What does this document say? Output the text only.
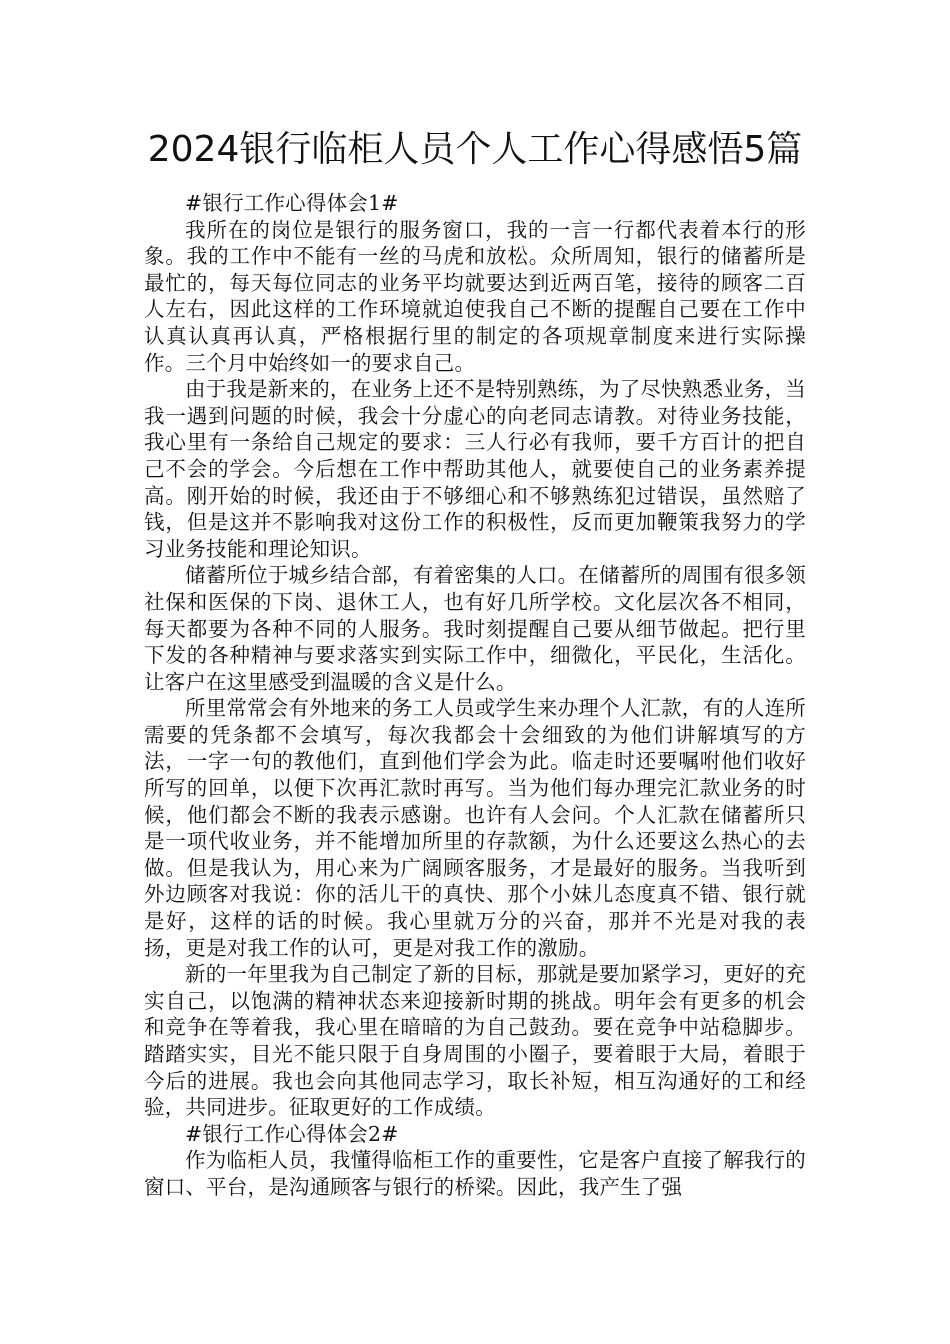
2024银行临柜人员个人工作心得感悟5篇

#银行工作心得体会1#

我所在的岗位是银行的服务窗口，我的一言一行都代表着本行的形象。我的工作中不能有一丝的马虎和放松。众所周知，银行的储蓄所是最忙的，每天每位同志的业务平均就要达到近两百笔，接待的顾客二百人左右，因此这样的工作环境就迫使我自己不断的提醒自己要在工作中认真认真再认真，严格根据行里的制定的各项规章制度来进行实际操作。三个月中始终如一的要求自己。

由于我是新来的，在业务上还不是特别熟练，为了尽快熟悉业务，当我一遇到问题的时候，我会十分虚心的向老同志请教。对待业务技能，我心里有一条给自己规定的要求：三人行必有我师，要千方百计的把自己不会的学会。今后想在工作中帮助其他人，就要使自己的业务素养提高。刚开始的时候，我还由于不够细心和不够熟练犯过错误，虽然赔了钱，但是这并不影响我对这份工作的积极性，反而更加鞭策我努力的学习业务技能和理论知识。

储蓄所位于城乡结合部，有着密集的人口。在储蓄所的周围有很多领社保和医保的下岗、退休工人，也有好几所学校。文化层次各不相同，每天都要为各种不同的人服务。我时刻提醒自己要从细节做起。把行里下发的各种精神与要求落实到实际工作中，细微化，平民化，生活化。让客户在这里感受到温暖的含义是什么。

所里常常会有外地来的务工人员或学生来办理个人汇款，有的人连所需要的凭条都不会填写，每次我都会十会细致的为他们讲解填写的方法，一字一句的教他们，直到他们学会为此。临走时还要嘱咐他们收好所写的回单，以便下次再汇款时再写。当为他们每办理完汇款业务的时候，他们都会不断的我表示感谢。也许有人会问。个人汇款在储蓄所只是一项代收业务，并不能增加所里的存款额，为什么还要这么热心的去做。但是我认为，用心来为广阔顾客服务，才是最好的服务。当我听到外边顾客对我说：你的活儿干的真快、那个小妹儿态度真不错、银行就是好，这样的话的时候。我心里就万分的兴奋，那并不光是对我的表扬，更是对我工作的认可，更是对我工作的激励。

新的一年里我为自己制定了新的目标，那就是要加紧学习，更好的充实自己，以饱满的精神状态来迎接新时期的挑战。明年会有更多的机会和竞争在等着我，我心里在暗暗的为自己鼓劲。要在竞争中站稳脚步。踏踏实实，目光不能只限于自身周围的小圈子，要着眼于大局，着眼于今后的进展。我也会向其他同志学习，取长补短，相互沟通好的工和经验，共同进步。征取更好的工作成绩。

#银行工作心得体会2#

作为临柜人员，我懂得临柜工作的重要性，它是客户直接了解我行的窗口、平台，是沟通顾客与银行的桥梁。因此，我产生了强
